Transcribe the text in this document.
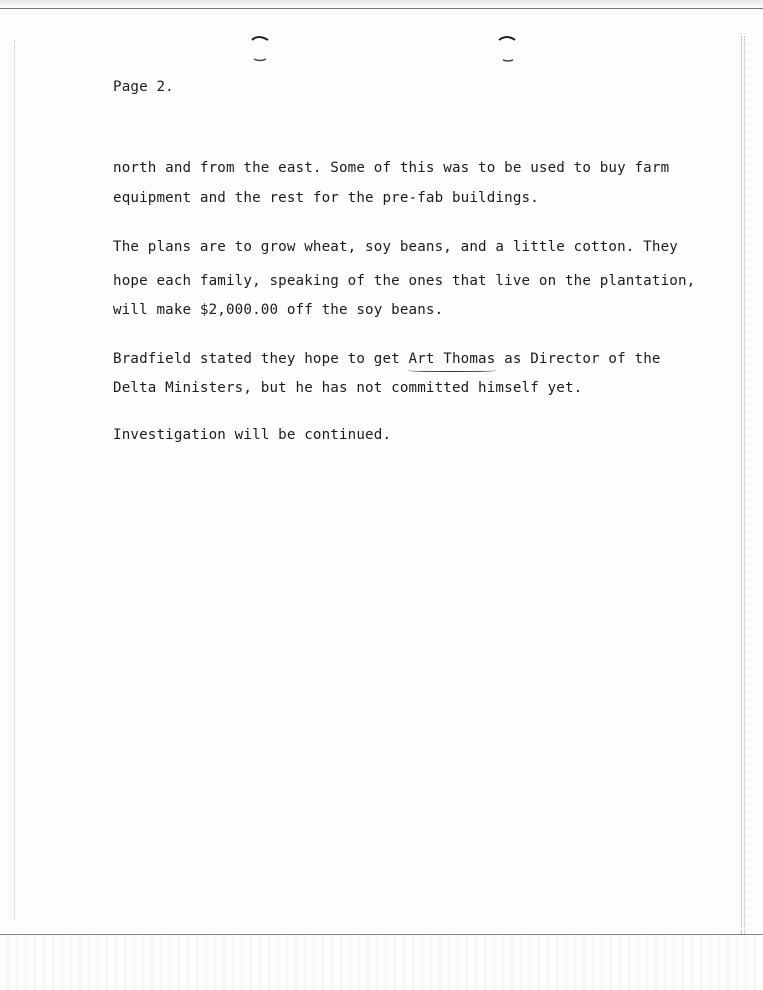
Page 2.
north and from the east. Some of this was to be used to buy farm
equipment and the rest for the pre-fab buildings.
The plans are to grow wheat, soy beans, and a little cotton. They
hope each family, speaking of the ones that live on the plantation,
will make $2,000.00 off the soy beans.
Bradfield stated they hope to get Art Thomas as Director of the
Delta Ministers, but he has not committed himself yet.
Investigation will be continued.
